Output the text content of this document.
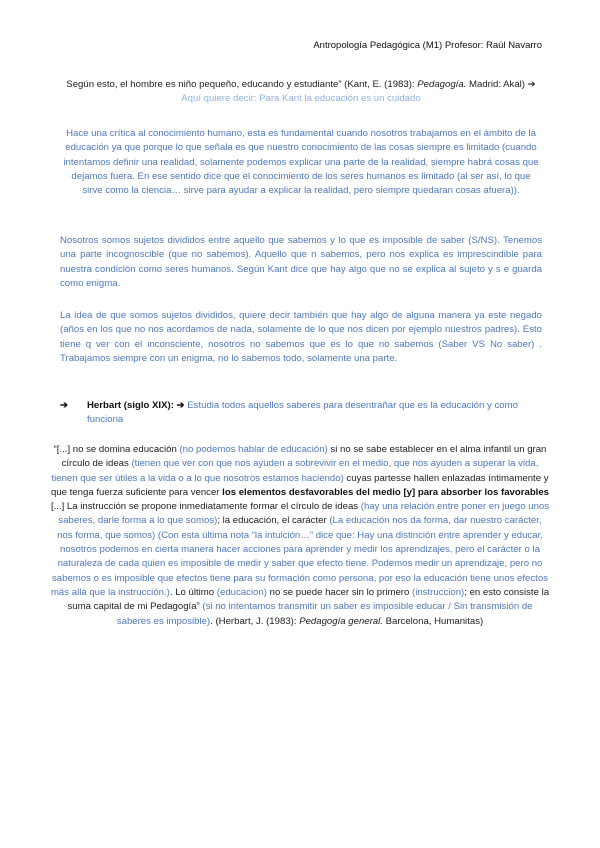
Antropología Pedagógica (M1) Profesor: Raúl Navarro
Según esto, el hombre es niño pequeño, educando y estudiante” (Kant, E. (1983): Pedagogía. Madrid: Akal) ➔ Aquí quiere decir: Para Kant la educación es un cuidado
Hace una crítica al conocimiento humano, esta es fundamental cuando nosotros trabajamos en el ámbito de la educación ya que porque lo que señala es que nuestro conocimiento de las cosas siempre es limitado (cuando intentamos definir una realidad, solamente podemos explicar una parte de la realidad, siempre habrá cosas que dejamos fuera. En ese sentido dice que el conocimiento de los seres humanos es limitado (al ser así, lo que sirve como la ciencia… sirve para ayudar a explicar la realidad, pero siempre quedaran cosas afuera)).
Nosotros somos sujetos divididos entre aquello que sabemos y lo que es imposible de saber (S/NS). Tenemos una parte incognoscible (que no sabemos). Aquello que n sabemos, pero nos explica es imprescindible para nuestra condición como seres humanos. Según Kant dice que hay algo que no se explica al sujeto y s e guarda como enigma.
La idea de que somos sujetos divididos, quiere decir también que hay algo de alguna manera ya este negado (años en los que no nos acordamos de nada, solamente de lo que nos dicen por ejemplo nuestros padres). Esto tiene q ver con el inconsciente, nosotros no sabemos que es lo que no sabemos (Saber VS No saber) . Trabajamos siempre con un enigma, no lo sabemos todo, solamente una parte.
➔	Herbart (siglo XIX): ➔ Estudia todos aquellos saberes para desentrañar que es la educación y como funciona
“[...] no se domina educación (no podemos hablar de educación) si no se sabe establecer en el alma infantil un gran círculo de ideas (tienen que ver con que nos ayuden a sobrevivir en el medio, que nos ayuden a superar la vida, tienen que ser útiles a la vida o a lo que nosotros estamos haciendo) cuyas partesse hallen enlazadas íntimamente y que tenga fuerza suficiente para vencer los elementos desfavorables del medio [y] para absorber los favorables [...] La instrucción se propone inmediatamente formar el círculo de ideas (hay una relación entre poner en juego unos saberes, darle forma a lo que somos); la educación, el carácter (La educación nos da forma, dar nuestro carácter, nos forma, que somos) (Con esta última nota “la intuición…” dice que: Hay una distinción entre aprender y educar, nosotros podemos en cierta manera hacer acciones para aprender y medir los aprendizajes, pero el carácter o la naturaleza de cada quien es imposible de medir y saber que efecto tiene. Podemos medir un aprendizaje, pero no sabemos o es imposible que efectos tiene para su formación como persona, por eso la educación tiene unos efectos más allá que la instrucción.). Lo último (educacion) no se puede hacer sin lo primero (instruccion); en esto consiste la suma capital de mi Pedagogía” (si no intentamos transmitir un saber es imposible educar / Sin transmisión de saberes es imposible). (Herbart, J. (1983): Pedagogía general. Barcelona, Humanitas)
